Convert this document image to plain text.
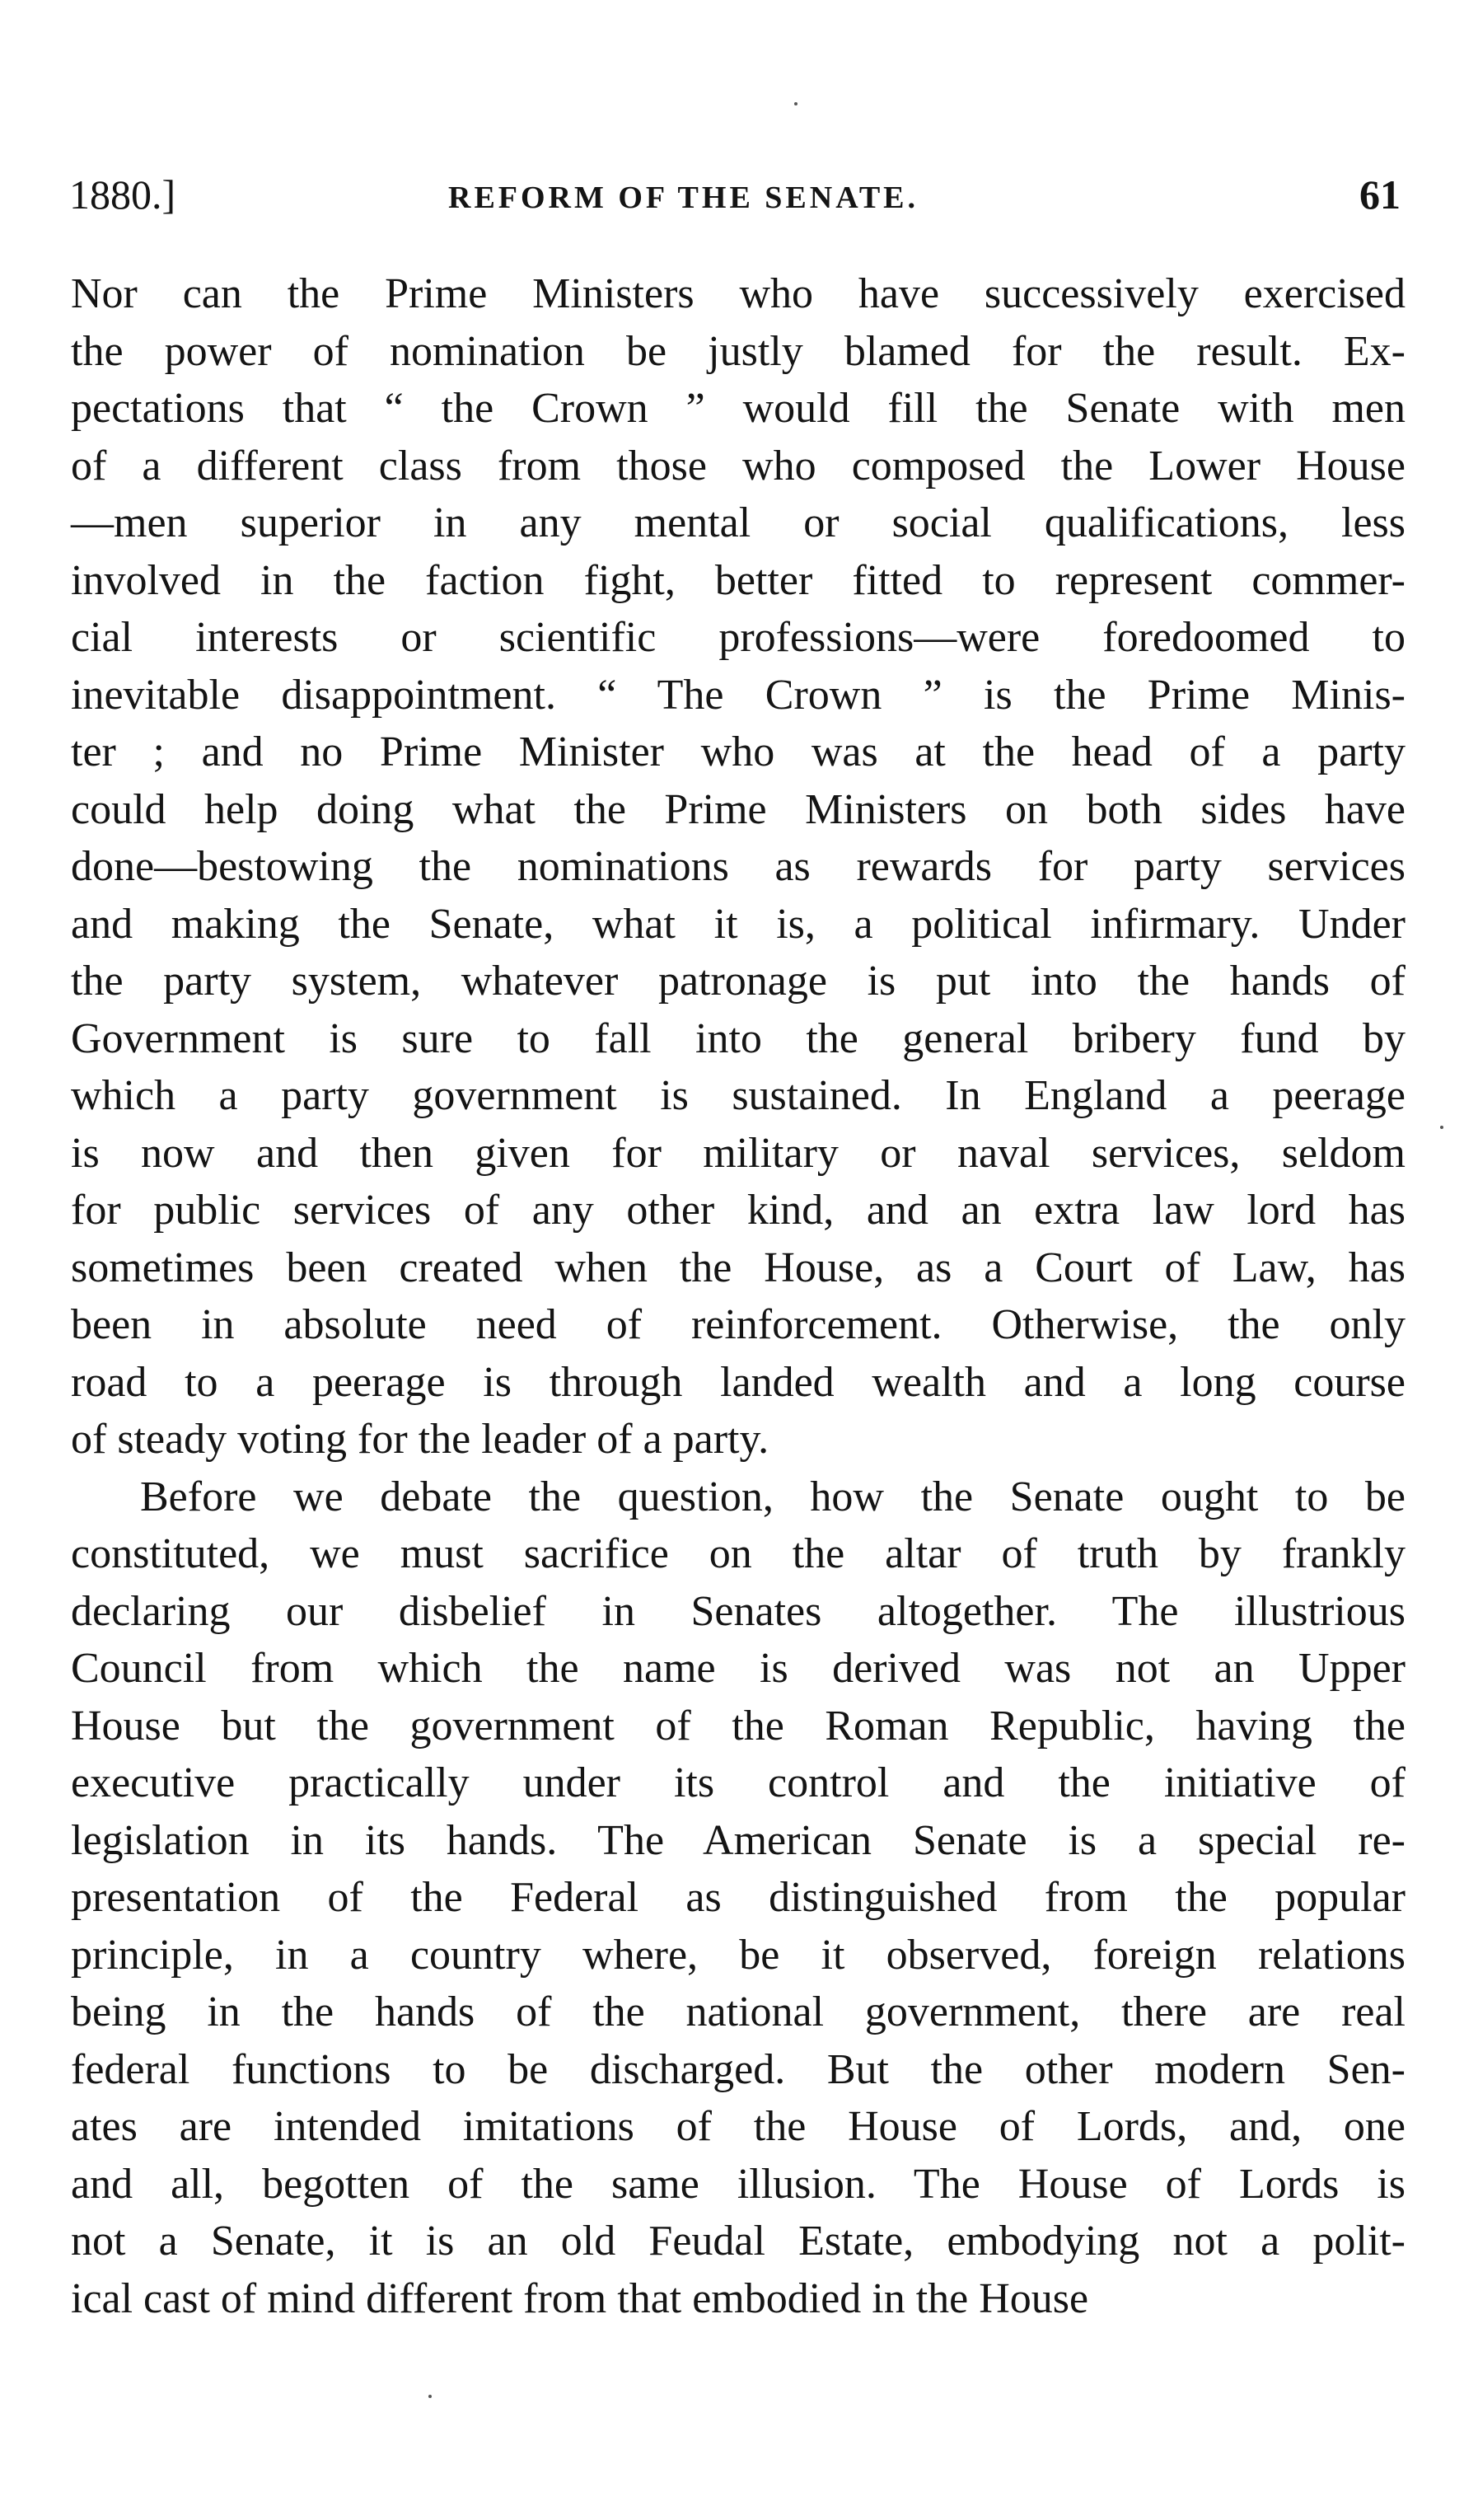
1880.]	REFORM OF THE SENATE.	61
Nor can the Prime Ministers who have successively exercised
the power of nomination be justly blamed for the result. Ex-
pectations that “ the Crown ” would fill the Senate with men
of a different class from those who composed the Lower House
—men superior in any mental or social qualifications, less
involved in the faction fight, better fitted to represent commer-
cial interests or scientific professions—were foredoomed to
inevitable disappointment. “ The Crown ” is the Prime Minis-
ter ; and no Prime Minister who was at the head of a party
could help doing what the Prime Ministers on both sides have
done—bestowing the nominations as rewards for party services
and making the Senate, what it is, a political infirmary. Under
the party system, whatever patronage is put into the hands of
Government is sure to fall into the general bribery fund by
which a party government is sustained. In England a peerage
is now and then given for military or naval services, seldom
for public services of any other kind, and an extra law lord has
sometimes been created when the House, as a Court of Law, has
been in absolute need of reinforcement. Otherwise, the only
road to a peerage is through landed wealth and a long course
of steady voting for the leader of a party.
Before we debate the question, how the Senate ought to be
constituted, we must sacrifice on the altar of truth by frankly
declaring our disbelief in Senates altogether. The illustrious
Council from which the name is derived was not an Upper
House but the government of the Roman Republic, having the
executive practically under its control and the initiative of
legislation in its hands. The American Senate is a special re-
presentation of the Federal as distinguished from the popular
principle, in a country where, be it observed, foreign relations
being in the hands of the national government, there are real
federal functions to be discharged. But the other modern Sen-
ates are intended imitations of the House of Lords, and, one
and all, begotten of the same illusion. The House of Lords is
not a Senate, it is an old Feudal Estate, embodying not a polit-
ical cast of mind different from that embodied in the House
